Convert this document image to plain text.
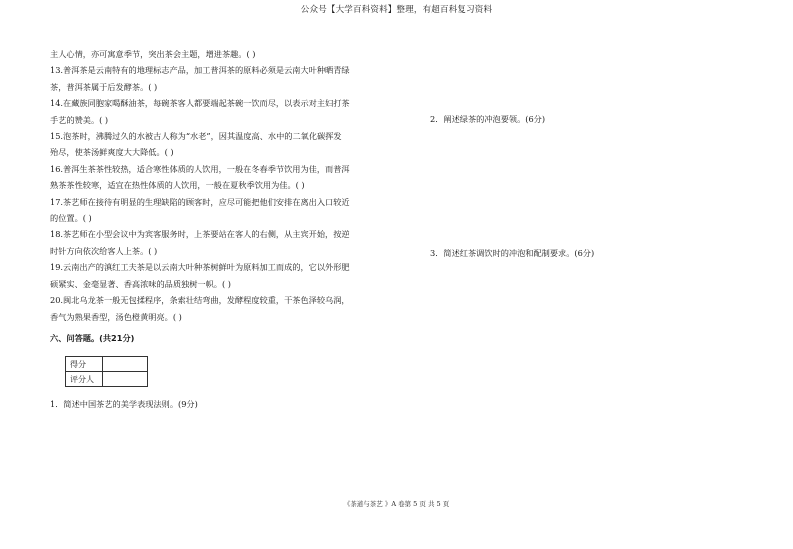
公众号【大学百科资料】整理，有超百科复习资料

主人心情，亦可寓意季节，突出茶会主题，增进茶趣。( )

13.普洱茶是云南特有的地理标志产品，加工普洱茶的原料必须是云南大叶种晒青绿

茶，普洱茶属于后发酵茶。( )

14.在藏族同胞家喝酥油茶，每碗茶客人都要端起茶碗一饮而尽，以表示对主妇打茶

手艺的赞美。( )

15.泡茶时，沸腾过久的水被古人称为“水老”，因其温度高、水中的二氧化碳挥发

殆尽，使茶汤鲜爽度大大降低。( )

16.普洱生茶茶性较热，适合寒性体质的人饮用，一般在冬春季节饮用为佳，而普洱

熟茶茶性较寒，适宜在热性体质的人饮用，一般在夏秋季饮用为佳。( )

17.茶艺师在接待有明显的生理缺陷的顾客时，应尽可能把他们安排在离出入口较近

的位置。( )

18.茶艺师在小型会议中为宾客服务时，上茶要站在客人的右侧，从主宾开始，按逆

时针方向依次给客人上茶。( )

19.云南出产的滇红工夫茶是以云南大叶种茶树鲜叶为原料加工而成的，它以外形肥

硕紧实、金毫显著、香高浓味的品质独树一帜。( )

20.闽北乌龙茶一般无包揉程序，条索壮结弯曲，发酵程度较重，干茶色泽较乌润，

香气为熟果香型，汤色橙黄明亮。( )

六、问答题。(共21分)
得分	
评分人	
1．简述中国茶艺的美学表现法则。(9分)
2．阐述绿茶的冲泡要领。(6分)
3．简述红茶调饮时的冲泡和配制要求。(6分)
《茶道与茶艺 》A 卷第 5 页 共 5 页
